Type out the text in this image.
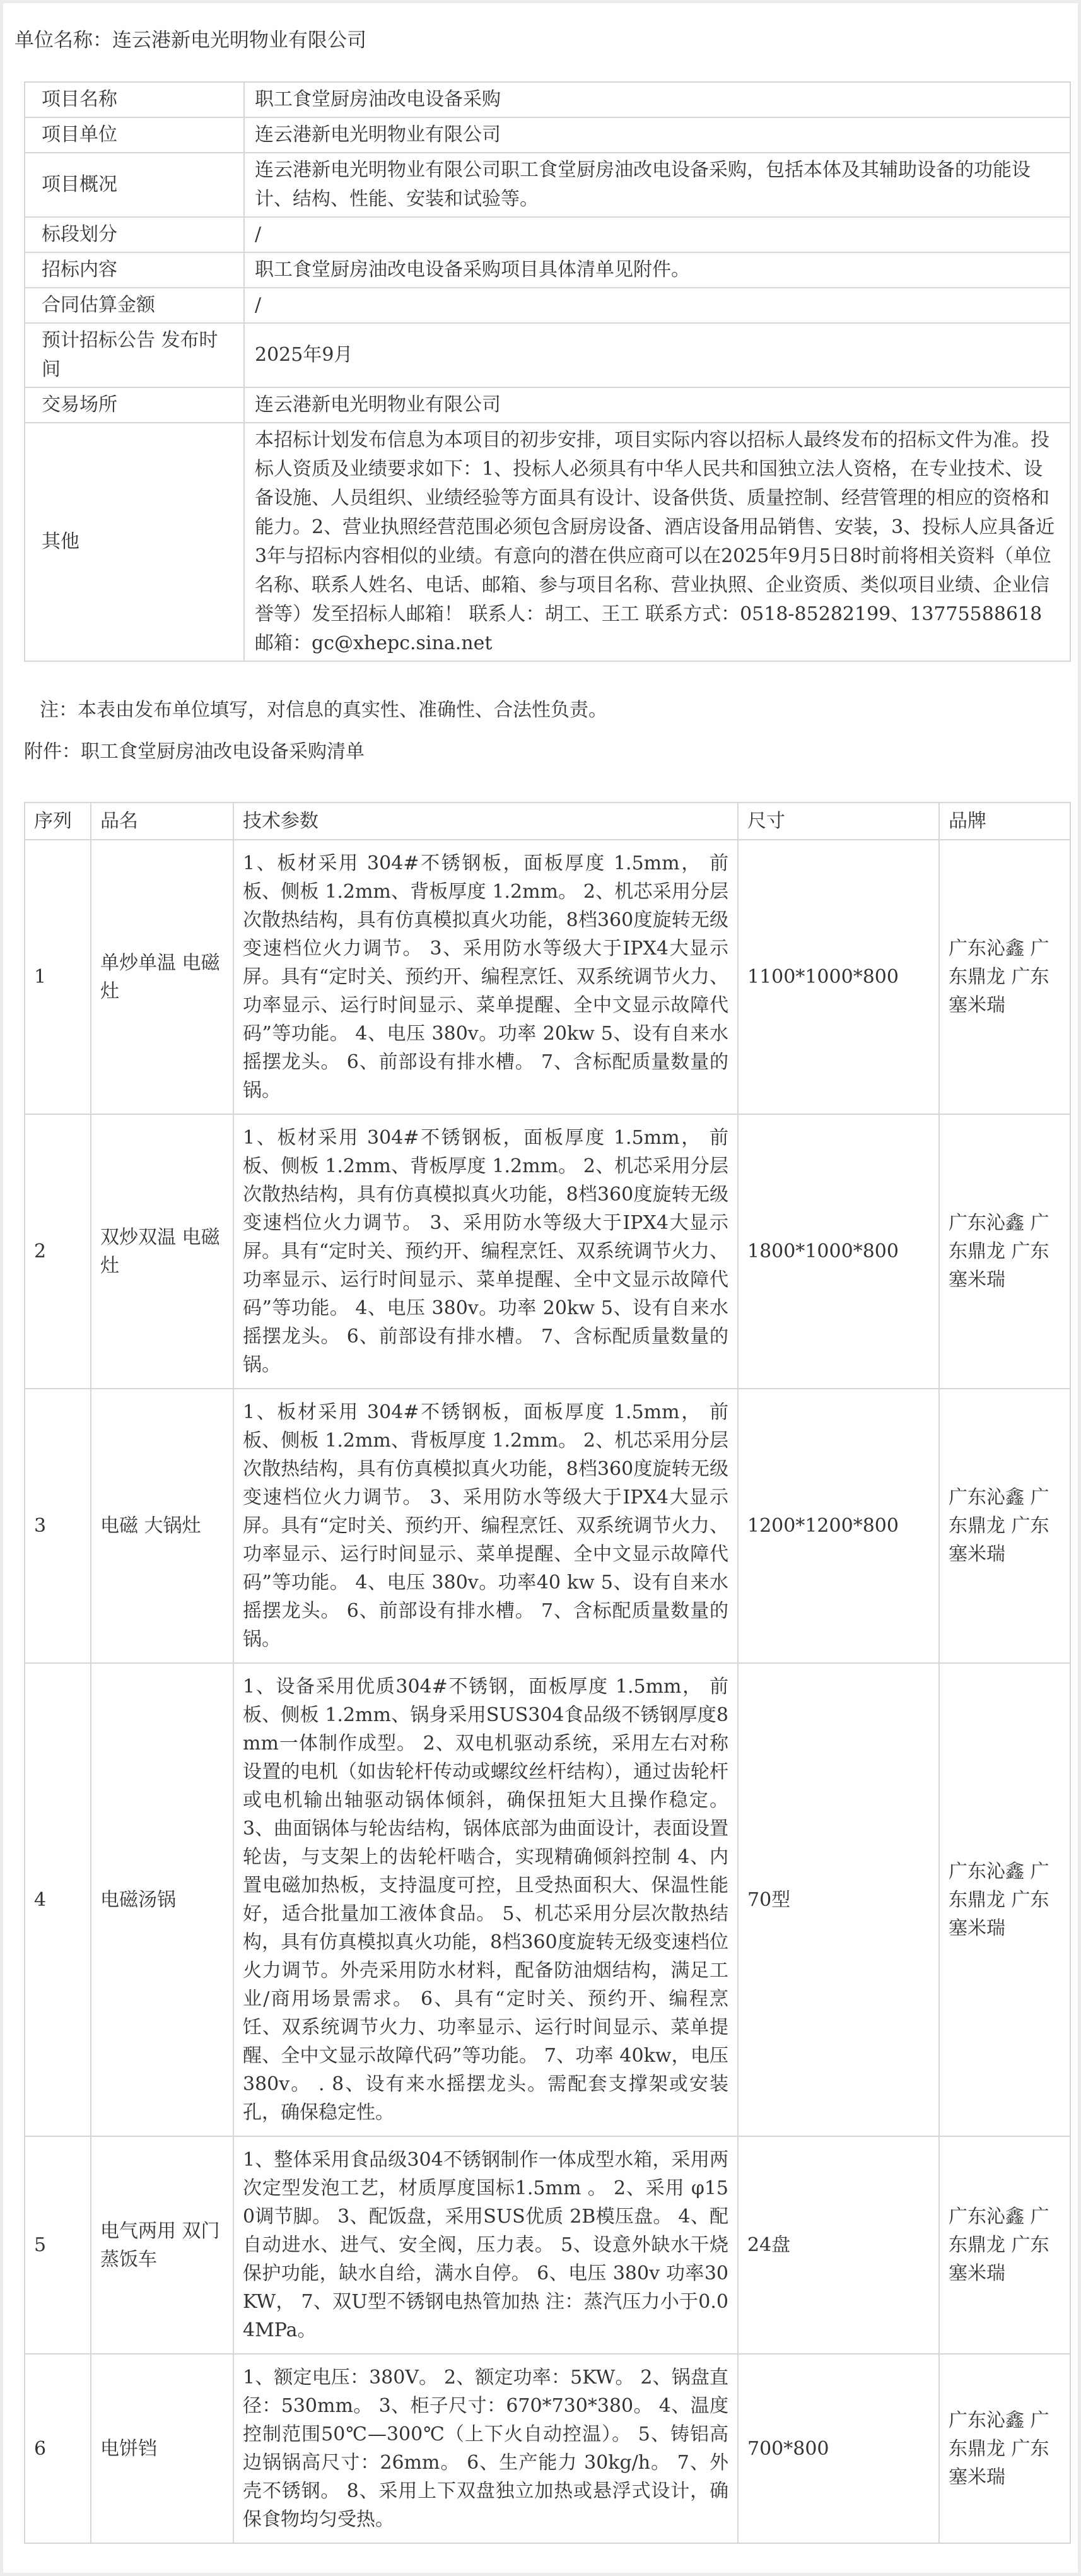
单位名称：连云港新电光明物业有限公司
项目名称	职工食堂厨房油改电设备采购
项目单位	连云港新电光明物业有限公司
项目概况	连云港新电光明物业有限公司职工食堂厨房油改电设备采购，包括本体及其辅助设备的功能设计、结构、性能、安装和试验等。
标段划分	/
招标内容	职工食堂厨房油改电设备采购项目具体清单见附件。
合同估算金额	/
预计招标公告 发布时间	2025年9月
交易场所	连云港新电光明物业有限公司
其他	本招标计划发布信息为本项目的初步安排，项目实际内容以招标人最终发布的招标文件为准。投标人资质及业绩要求如下：1、投标人必须具有中华人民共和国独立法人资格，在专业技术、设备设施、人员组织、业绩经验等方面具有设计、设备供货、质量控制、经营管理的相应的资格和能力。2、营业执照经营范围必须包含厨房设备、酒店设备用品销售、安装，3、投标人应具备近3年与招标内容相似的业绩。有意向的潜在供应商可以在2025年9月5日8时前将相关资料（单位名称、联系人姓名、电话、邮箱、参与项目名称、营业执照、企业资质、类似项目业绩、企业信誉等）发至招标人邮箱！ 联系人：胡工、王工 联系方式：0518-85282199、13775588618 邮箱：gc@xhepc.sina.net
注：本表由发布单位填写，对信息的真实性、准确性、合法性负责。
附件：职工食堂厨房油改电设备采购清单
序列	品名	技术参数	尺寸	品牌
1	单炒单温 电磁灶	1、板材采用 304#不锈钢板，面板厚度 1.5mm， 前板、侧板 1.2mm、背板厚度 1.2mm。 2、机芯采用分层次散热结构，具有仿真模拟真火功能，8档360度旋转无级变速档位火力调节。 3、采用防水等级大于IPX4大显示屏。具有“定时关、预约开、编程烹饪、双系统调节火力、功率显示、运行时间显示、菜单提醒、全中文显示故障代码”等功能。 4、电压 380v。功率 20kw 5、设有自来水摇摆龙头。 6、前部设有排水槽。 7、含标配质量数量的锅。	1100*1000*800	广东沁鑫 广东鼎龙 广东塞米瑞
2	双炒双温 电磁灶	1、板材采用 304#不锈钢板，面板厚度 1.5mm， 前板、侧板 1.2mm、背板厚度 1.2mm。 2、机芯采用分层次散热结构，具有仿真模拟真火功能，8档360度旋转无级变速档位火力调节。 3、采用防水等级大于IPX4大显示屏。具有“定时关、预约开、编程烹饪、双系统调节火力、功率显示、运行时间显示、菜单提醒、全中文显示故障代码”等功能。 4、电压 380v。功率 20kw 5、设有自来水摇摆龙头。 6、前部设有排水槽。 7、含标配质量数量的锅。	1800*1000*800	广东沁鑫 广东鼎龙 广东塞米瑞
3	电磁 大锅灶	1、板材采用 304#不锈钢板，面板厚度 1.5mm， 前板、侧板 1.2mm、背板厚度 1.2mm。 2、机芯采用分层次散热结构，具有仿真模拟真火功能，8档360度旋转无级变速档位火力调节。 3、采用防水等级大于IPX4大显示屏。具有“定时关、预约开、编程烹饪、双系统调节火力、功率显示、运行时间显示、菜单提醒、全中文显示故障代码”等功能。 4、电压 380v。功率40 kw 5、设有自来水摇摆龙头。 6、前部设有排水槽。 7、含标配质量数量的锅。	1200*1200*800	广东沁鑫 广东鼎龙 广东塞米瑞
4	电磁汤锅	1、设备采用优质304#不锈钢，面板厚度 1.5mm， 前板、侧板 1.2mm、锅身采用SUS304食品级不锈钢厚度8mm一体制作成型。 2、双电机驱动系统，采用左右对称设置的电机（如齿轮杆传动或螺纹丝杆结构），通过齿轮杆或电机输出轴驱动锅体倾斜，确保扭矩大且操作稳定。 3、曲面锅体与轮齿结构，锅体底部为曲面设计，表面设置轮齿，与支架上的齿轮杆啮合，实现精确倾斜控制 4、内置电磁加热板，支持温度可控，且受热面积大、保温性能好，适合批量加工液体食品。 5、机芯采用分层次散热结构，具有仿真模拟真火功能，8档360度旋转无级变速档位火力调节。外壳采用防水材料，配备防油烟结构，满足工业/商用场景需求。 6、具有“定时关、预约开、编程烹饪、双系统调节火力、功率显示、运行时间显示、菜单提醒、全中文显示故障代码”等功能。 7、功率 40kw，电压 380v。 . 8、设有来水摇摆龙头。需配套支撑架或安装孔，确保稳定性。	70型	广东沁鑫 广东鼎龙 广东塞米瑞
5	电气两用 双门蒸饭车	1、整体采用食品级304不锈钢制作一体成型水箱，采用两次定型发泡工艺，材质厚度国标1.5mm 。 2、采用 φ150调节脚。 3、配饭盘，采用SUS优质 2B模压盘。 4、配自动进水、进气、安全阀，压力表。 5、设意外缺水干烧保护功能，缺水自给，满水自停。 6、电压 380v 功率30KW， 7、双U型不锈钢电热管加热 注：蒸汽压力小于0.04MPa。	24盘	广东沁鑫 广东鼎龙 广东塞米瑞
6	电饼铛	1、额定电压：380V。 2、额定功率：5KW。 2、锅盘直径：530mm。 3、柜子尺寸：670*730*380。 4、温度控制范围50℃—300℃（上下火自动控温）。 5、铸铝高边锅锅高尺寸：26mm。 6、生产能力 30kg/h。 7、外壳不锈钢。 8、采用上下双盘独立加热或悬浮式设计，确保食物均匀受热。	700*800	广东沁鑫 广东鼎龙 广东塞米瑞
